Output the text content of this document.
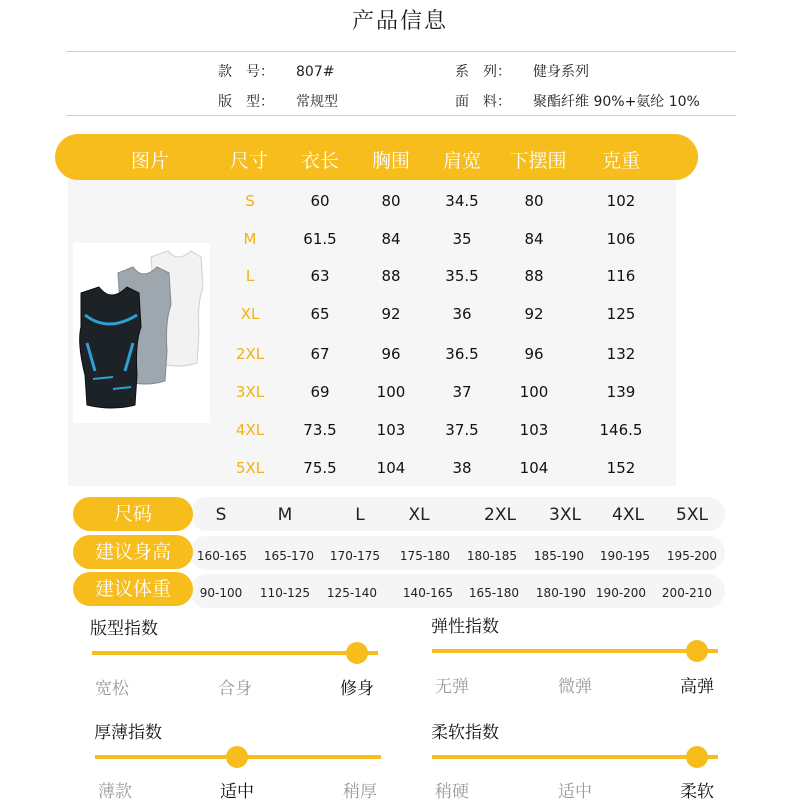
产品信息
款　号： 807#	系　列： 健身系列
版　型： 常规型	面　料： 聚酯纤维 90%+氨纶 10%
图片	尺寸	衣长	胸围	肩宽	下摆围	克重
S	60	80	34.5	80	102
M	61.5	84	35	84	106
L	63	88	35.5	88	116
XL	65	92	36	92	125
2XL	67	96	36.5	96	132
3XL	69	100	37	100	139
4XL	73.5	103	37.5	103	146.5
5XL	75.5	104	38	104	152
尺码	S	M	L	XL	2XL	3XL	4XL	5XL
建议身高	160-165	165-170	170-175	175-180	180-185	185-190	190-195	195-200
建议体重	90-100	110-125	125-140	140-165	165-180	180-190 190-200	200-210
版型指数
宽松	合身	修身
弹性指数
无弹	微弹	高弹
厚薄指数
薄款	适中	稍厚
柔软指数
稍硬	适中	柔软
